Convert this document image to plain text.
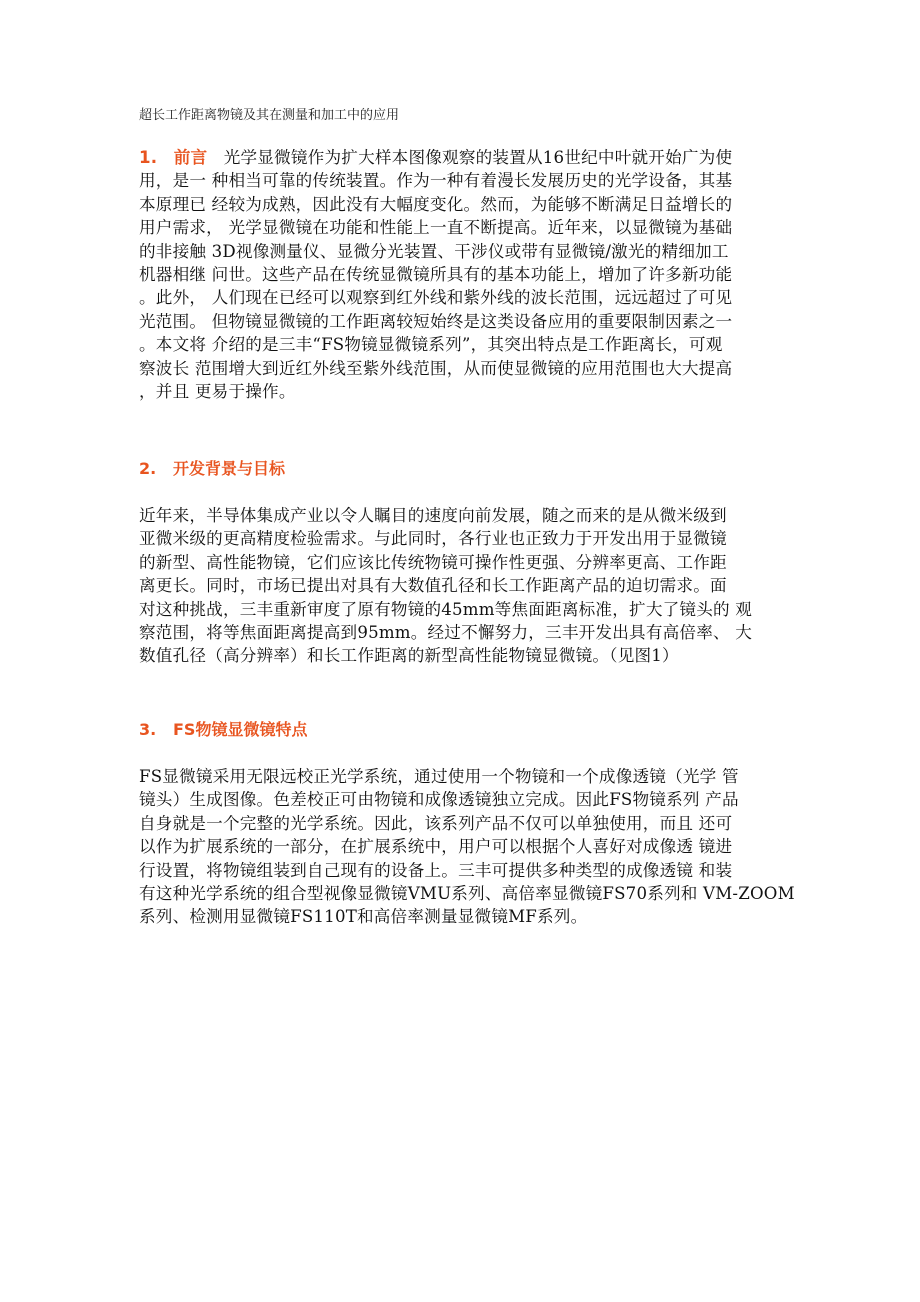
超长工作距离物镜及其在测量和加工中的应用

1. 前言 光学显微镜作为扩大样本图像观察的装置从16世纪中叶就开始广为使
用，是一 种相当可靠的传统装置。作为一种有着漫长发展历史的光学设备，其基
本原理已 经较为成熟，因此没有大幅度变化。然而，为能够不断满足日益增长的
用户需求， 光学显微镜在功能和性能上一直不断提高。近年来，以显微镜为基础
的非接触 3D视像测量仪、显微分光装置、干涉仪或带有显微镜/激光的精细加工
机器相继 问世。这些产品在传统显微镜所具有的基本功能上，增加了许多新功能
。此外， 人们现在已经可以观察到红外线和紫外线的波长范围，远远超过了可见
光范围。 但物镜显微镜的工作距离较短始终是这类设备应用的重要限制因素之一
。本文将 介绍的是三丰“FS物镜显微镜系列”，其突出特点是工作距离长，可观
察波长 范围增大到近红外线至紫外线范围，从而使显微镜的应用范围也大大提高
，并且 更易于操作。

2. 开发背景与目标

近年来，半导体集成产业以令人瞩目的速度向前发展，随之而来的是从微米级到
亚微米级的更高精度检验需求。与此同时，各行业也正致力于开发出用于显微镜
的新型、高性能物镜，它们应该比传统物镜可操作性更强、分辨率更高、工作距
离更长。同时，市场已提出对具有大数值孔径和长工作距离产品的迫切需求。面
对这种挑战，三丰重新审度了原有物镜的45mm等焦面距离标准，扩大了镜头的 观
察范围，将等焦面距离提高到95mm。经过不懈努力，三丰开发出具有高倍率、 大
数值孔径（高分辨率）和长工作距离的新型高性能物镜显微镜。（见图1）

3. FS物镜显微镜特点

FS显微镜采用无限远校正光学系统，通过使用一个物镜和一个成像透镜（光学 管
镜头）生成图像。色差校正可由物镜和成像透镜独立完成。因此FS物镜系列 产品
自身就是一个完整的光学系统。因此，该系列产品不仅可以单独使用，而且 还可
以作为扩展系统的一部分，在扩展系统中，用户可以根据个人喜好对成像透 镜进
行设置，将物镜组装到自己现有的设备上。三丰可提供多种类型的成像透镜 和装
有这种光学系统的组合型视像显微镜VMU系列、高倍率显微镜FS70系列和 VM-ZOOM
系列、检测用显微镜FS110T和高倍率测量显微镜MF系列。
